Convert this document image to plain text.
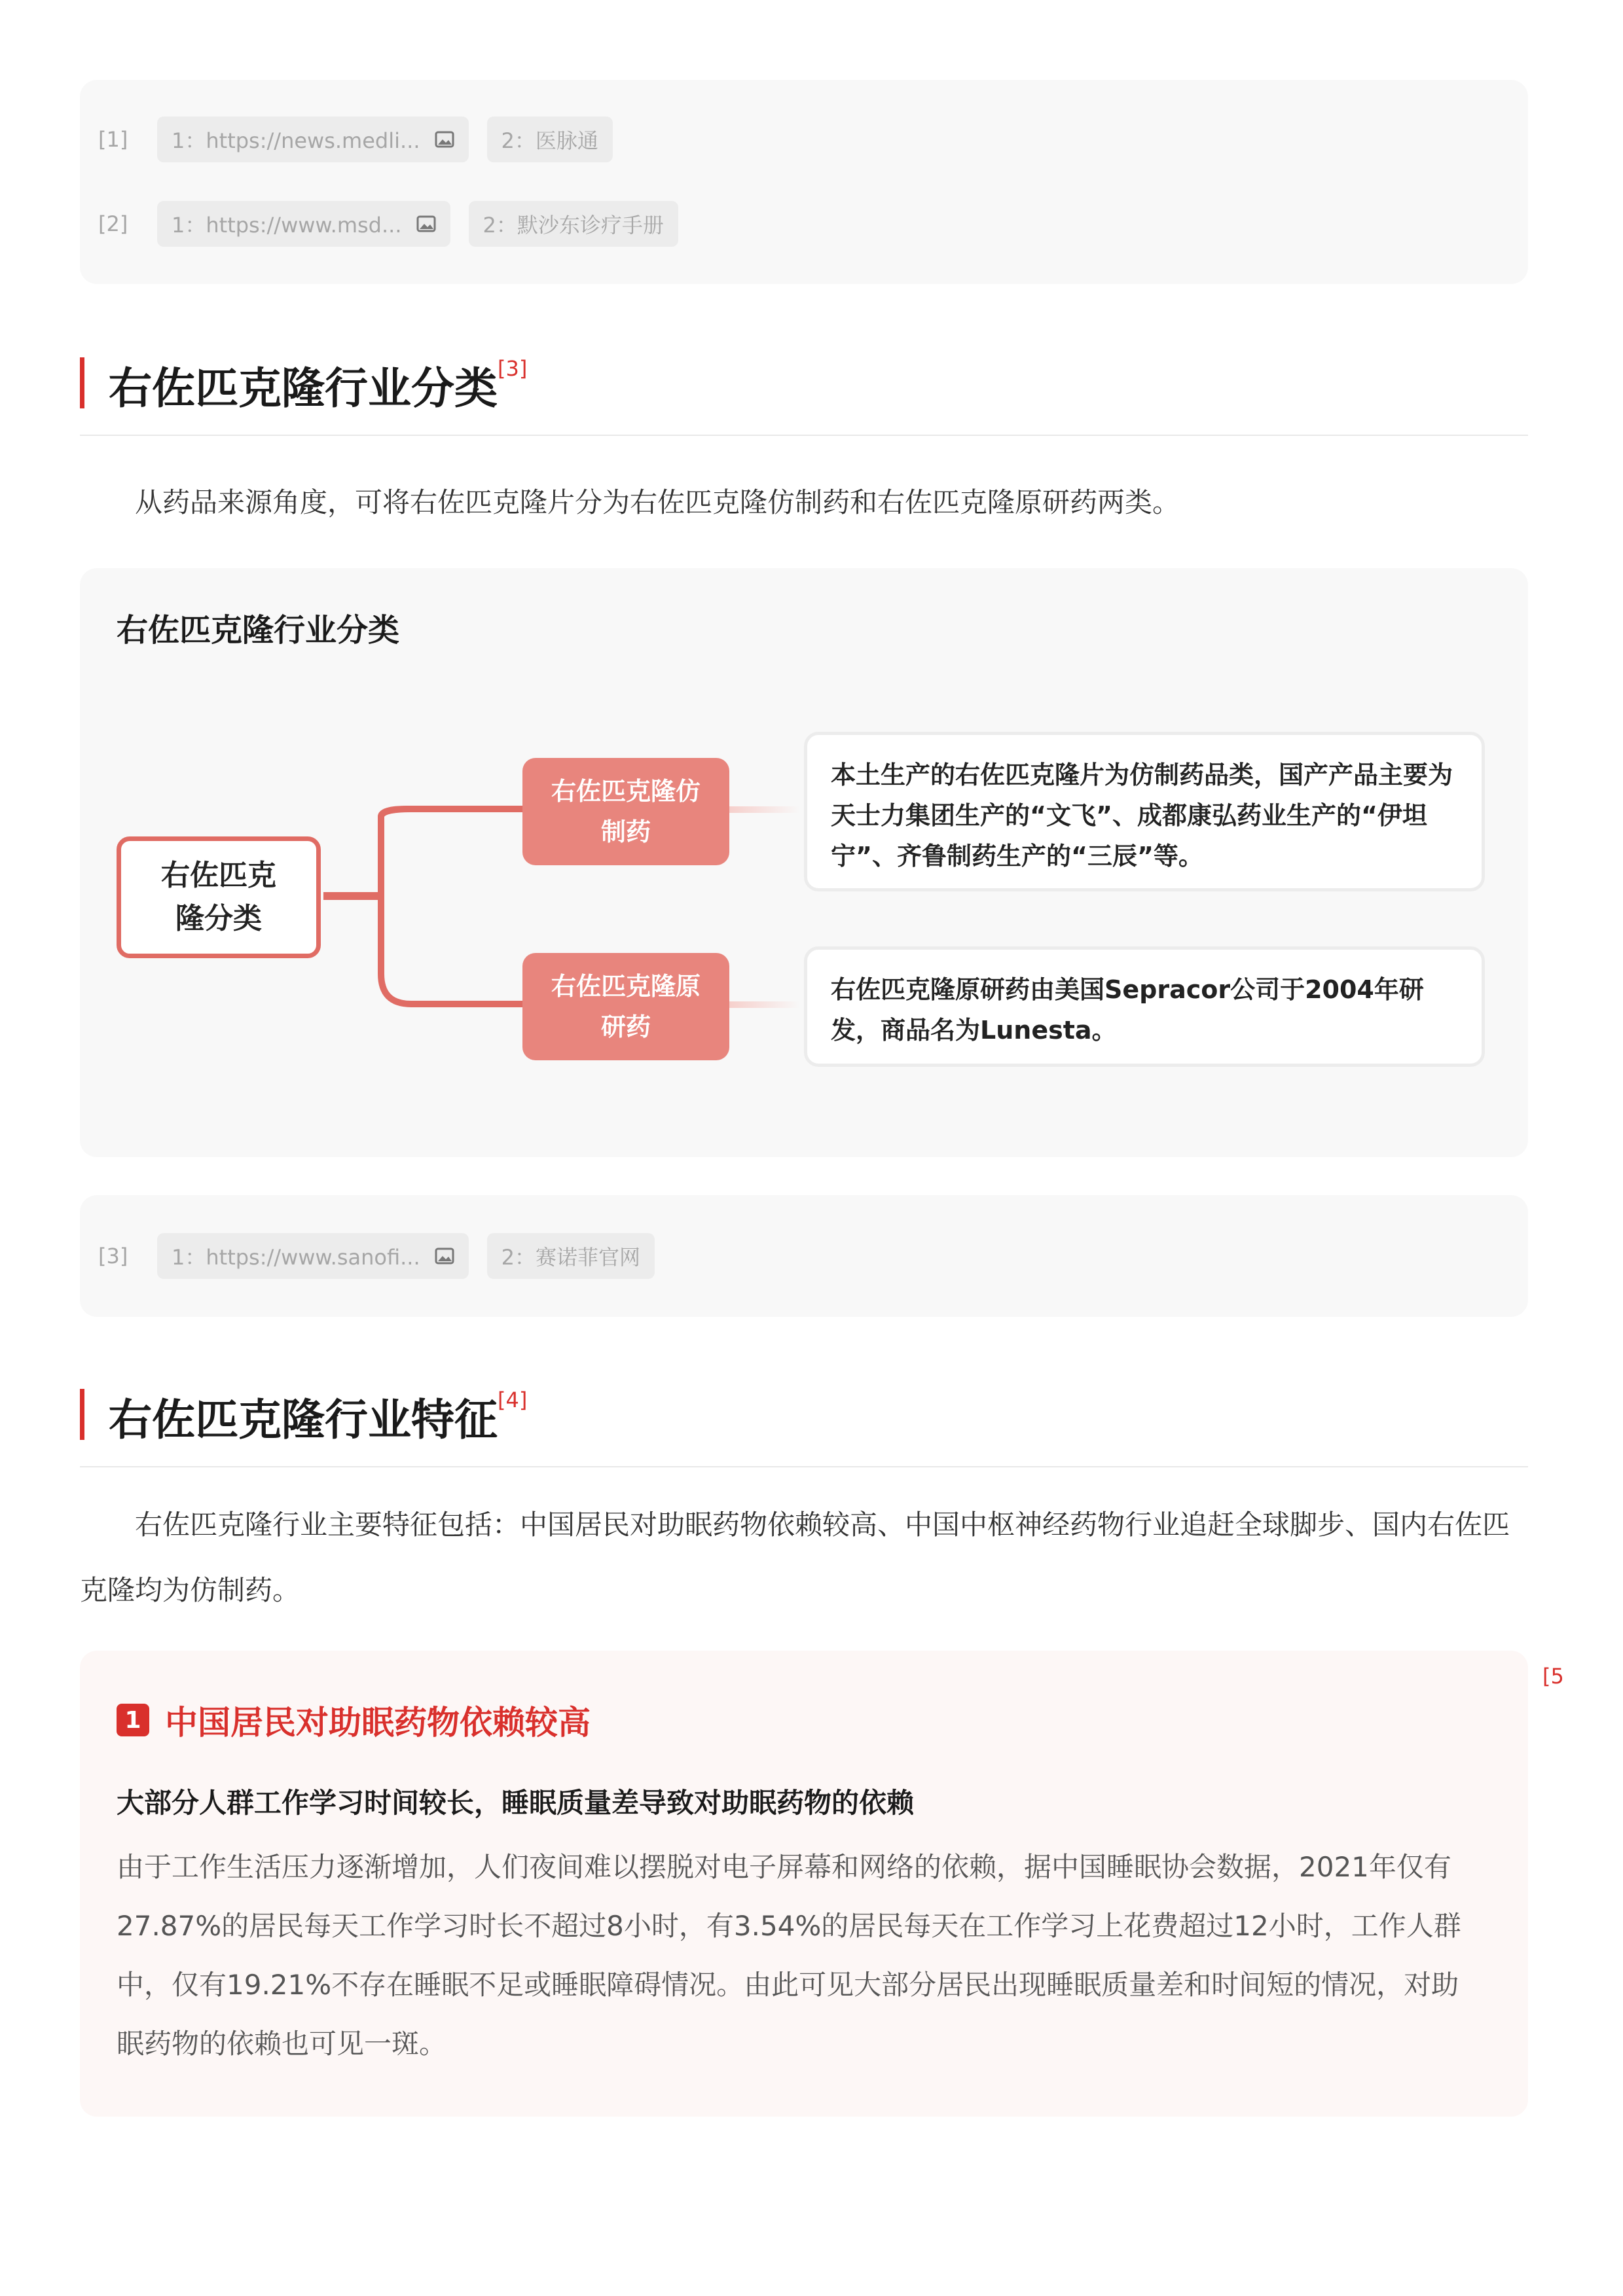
[1]	1：https://news.medli...	2：医脉通
[2]	1：https://www.msd...	2：默沙东诊疗手册
右佐匹克隆行业分类[3]
从药品来源角度，可将右佐匹克隆片分为右佐匹克隆仿制药和右佐匹克隆原研药两类。
右佐匹克隆行业分类
右佐匹克隆分类
右佐匹克隆仿制药
右佐匹克隆原研药
本土生产的右佐匹克隆片为仿制药品类，国产产品主要为天士力集团生产的“文飞”、成都康弘药业生产的“伊坦宁”、齐鲁制药生产的“三辰”等。
右佐匹克隆原研药由美国Sepracor公司于2004年研发，商品名为Lunesta。
[3]	1：https://www.sanofi...	2：赛诺菲官网
右佐匹克隆行业特征[4]
右佐匹克隆行业主要特征包括：中国居民对助眠药物依赖较高、中国中枢神经药物行业追赶全球脚步、国内右佐匹克隆均为仿制药。
1 中国居民对助眠药物依赖较高
大部分人群工作学习时间较长，睡眠质量差导致对助眠药物的依赖
由于工作生活压力逐渐增加，人们夜间难以摆脱对电子屏幕和网络的依赖，据中国睡眠协会数据，2021年仅有27.87%的居民每天工作学习时长不超过8小时，有3.54%的居民每天在工作学习上花费超过12小时，工作人群中，仅有19.21%不存在睡眠不足或睡眠障碍情况。由此可见大部分居民出现睡眠质量差和时间短的情况，对助眠药物的依赖也可见一斑。
[5
